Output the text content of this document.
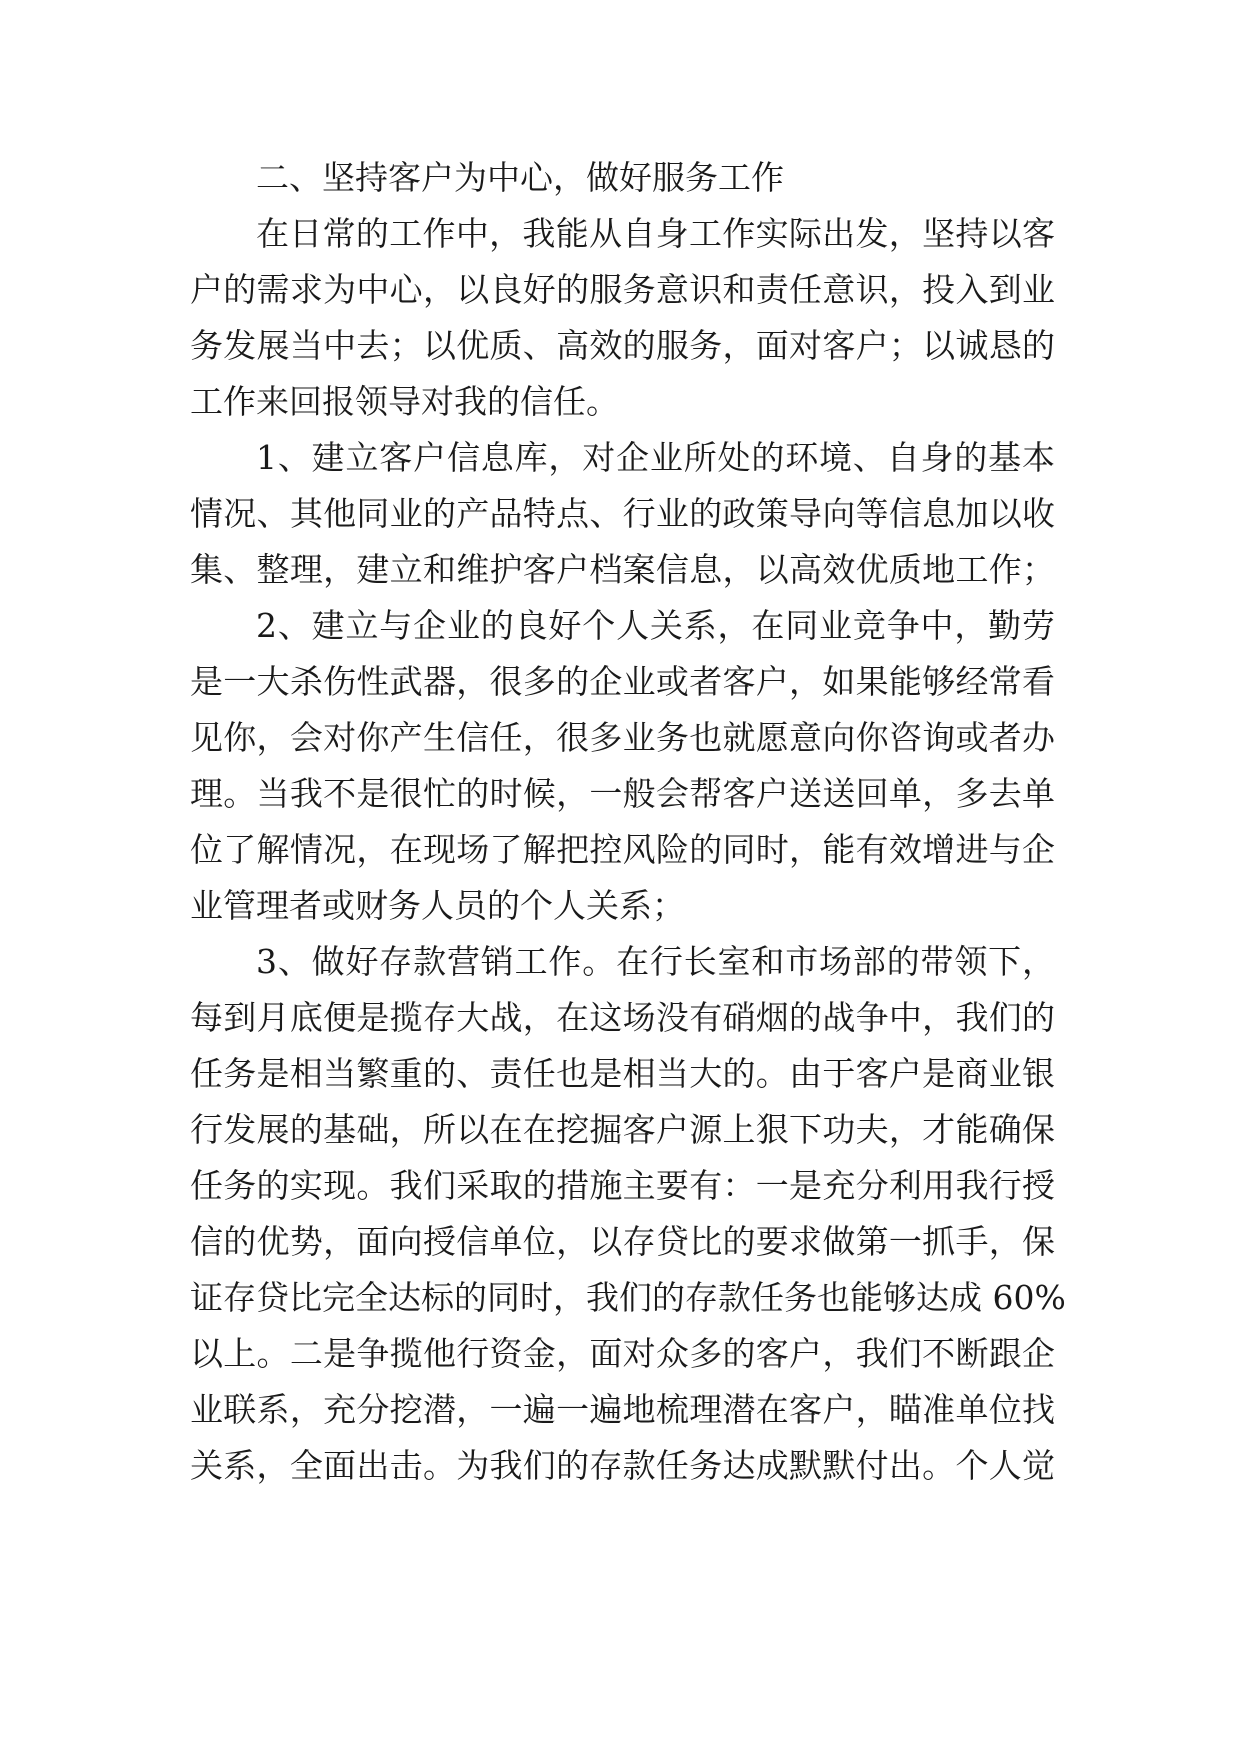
二、坚持客户为中心，做好服务工作
在日常的工作中，我能从自身工作实际出发，坚持以客
户的需求为中心，以良好的服务意识和责任意识，投入到业
务发展当中去；以优质、高效的服务，面对客户；以诚恳的
工作来回报领导对我的信任。
1、建立客户信息库，对企业所处的环境、自身的基本
情况、其他同业的产品特点、行业的政策导向等信息加以收
集、整理，建立和维护客户档案信息，以高效优质地工作；
2、建立与企业的良好个人关系，在同业竞争中，勤劳
是一大杀伤性武器，很多的企业或者客户，如果能够经常看
见你，会对你产生信任，很多业务也就愿意向你咨询或者办
理。当我不是很忙的时候，一般会帮客户送送回单，多去单
位了解情况，在现场了解把控风险的同时，能有效增进与企
业管理者或财务人员的个人关系；
3、做好存款营销工作。在行长室和市场部的带领下，
每到月底便是揽存大战，在这场没有硝烟的战争中，我们的
任务是相当繁重的、责任也是相当大的。由于客户是商业银
行发展的基础，所以在在挖掘客户源上狠下功夫，才能确保
任务的实现。我们采取的措施主要有：一是充分利用我行授
信的优势，面向授信单位，以存贷比的要求做第一抓手，保
证存贷比完全达标的同时，我们的存款任务也能够达成 60%
以上。二是争揽他行资金，面对众多的客户，我们不断跟企
业联系，充分挖潜，一遍一遍地梳理潜在客户，瞄准单位找
关系，全面出击。为我们的存款任务达成默默付出。个人觉
